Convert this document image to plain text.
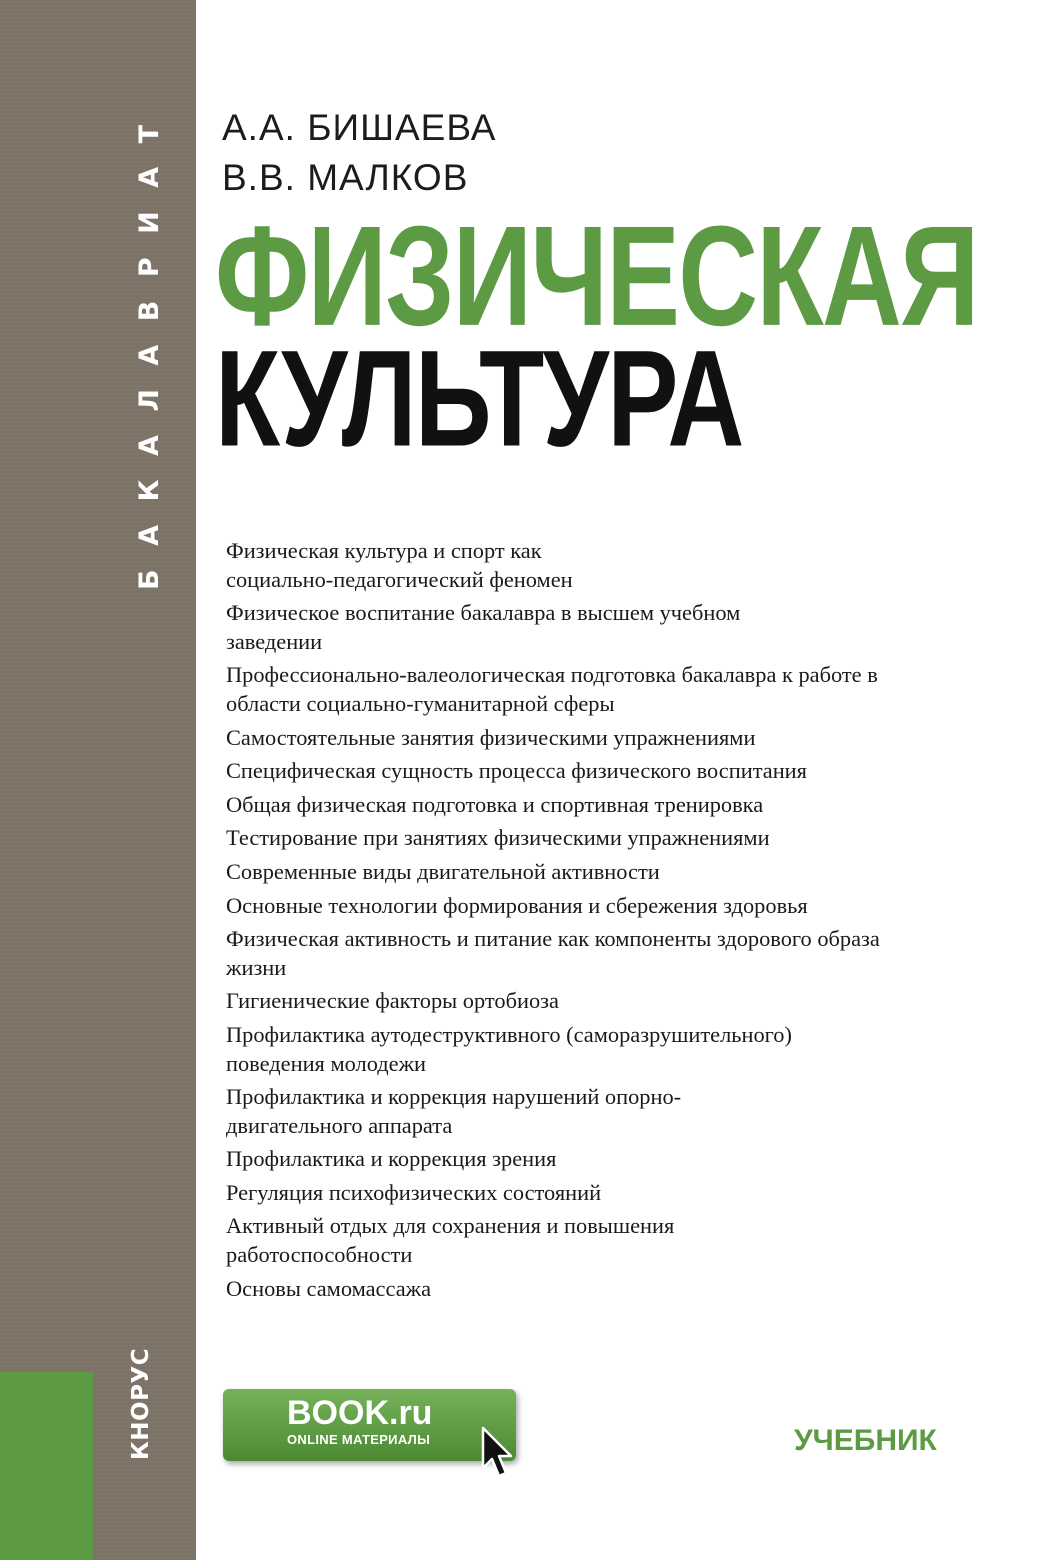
БАКАЛАВРИАТ
КНОРУС
А.А. БИШАЕВА
В.В. МАЛКОВ
ФИЗИЧЕСКАЯ
КУЛЬТУРА
Физическая культура и спорт как социально-педагогический феномен
Физическое воспитание бакалавра в высшем учебном заведении
Профессионально-валеологическая подготовка бакалавра к работе в области социально-гуманитарной сферы
Самостоятельные занятия физическими упражнениями
Специфическая сущность процесса физического воспитания
Общая физическая подготовка и спортивная тренировка
Тестирование при занятиях физическими упражнениями
Современные виды двигательной активности
Основные технологии формирования и сбережения здоровья
Физическая активность и питание как компоненты здорового образа жизни
Гигиенические факторы ортобиоза
Профилактика аутодеструктивного (саморазрушительного) поведения молодежи
Профилактика и коррекция нарушений опорно-двигательного аппарата
Профилактика и коррекция зрения
Регуляция психофизических состояний
Активный отдых для сохранения и повышения работоспособности
Основы самомассажа
BOOK.ru
ONLINE МАТЕРИАЛЫ	УЧЕБНИК
